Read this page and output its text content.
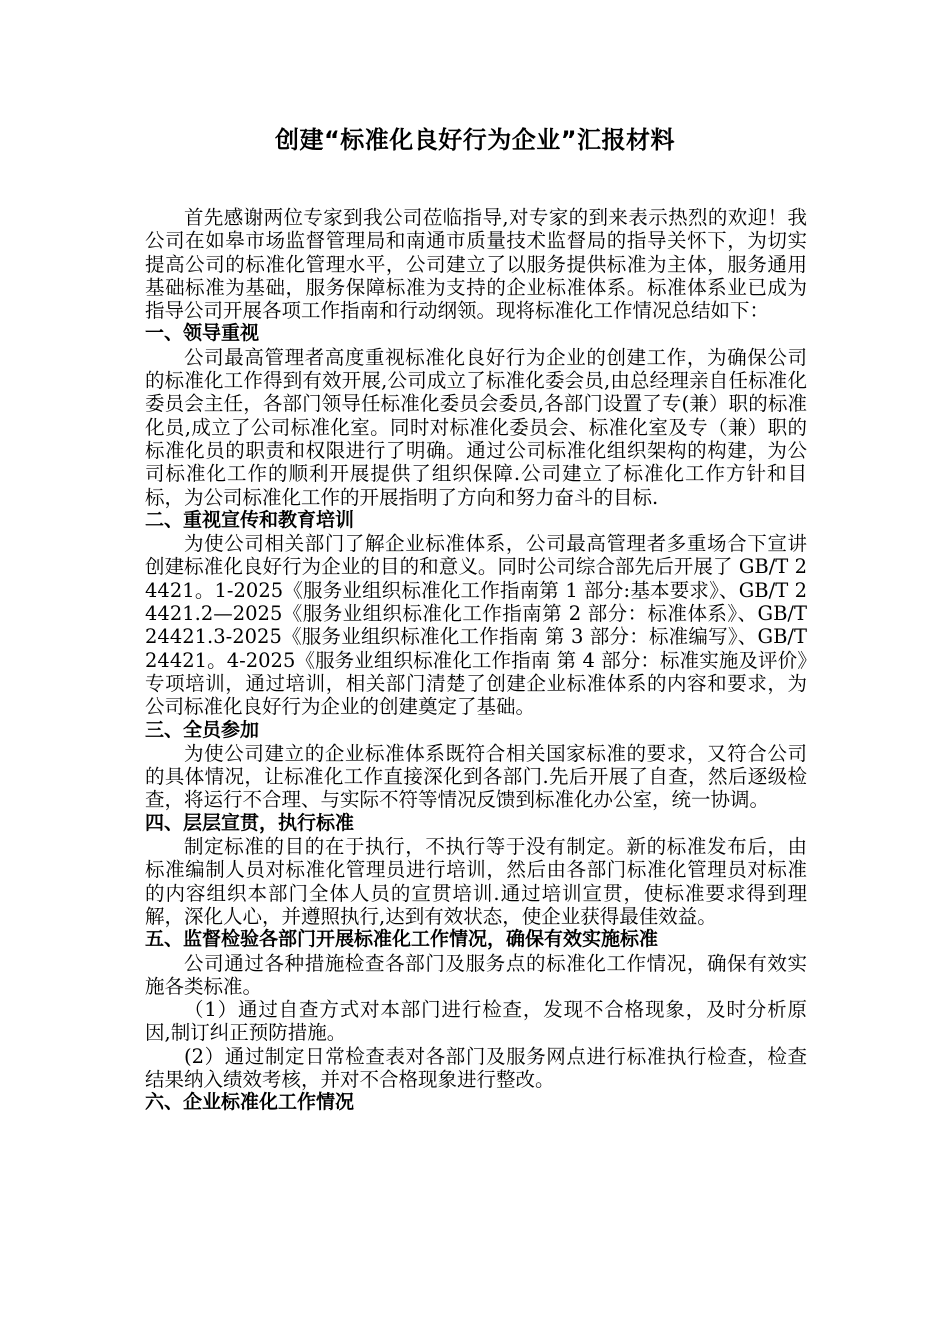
创建“标准化良好行为企业”汇报材料

首先感谢两位专家到我公司莅临指导,对专家的到来表示热烈的欢迎！我公司在如皋市场监督管理局和南通市质量技术监督局的指导关怀下，为切实提高公司的标准化管理水平，公司建立了以服务提供标准为主体，服务通用基础标准为基础，服务保障标准为支持的企业标准体系。标准体系业已成为指导公司开展各项工作指南和行动纲领。现将标准化工作情况总结如下：

一、领导重视

公司最高管理者高度重视标准化良好行为企业的创建工作，为确保公司的标准化工作得到有效开展,公司成立了标准化委会员,由总经理亲自任标准化委员会主任，各部门领导任标准化委员会委员,各部门设置了专(兼）职的标准化员,成立了公司标准化室。同时对标准化委员会、标准化室及专（兼）职的标准化员的职责和权限进行了明确。通过公司标准化组织架构的构建，为公司标准化工作的顺利开展提供了组织保障.公司建立了标准化工作方针和目标，为公司标准化工作的开展指明了方向和努力奋斗的目标.

二、重视宣传和教育培训

为使公司相关部门了解企业标准体系，公司最高管理者多重场合下宣讲创建标准化良好行为企业的目的和意义。同时公司综合部先后开展了 GB/T 24421。1-2025《服务业组织标准化工作指南第 1 部分:基本要求》、GB/T 24421.2—2025《服务业组织标准化工作指南第 2 部分：标准体系》、GB/T 24421.3-2025《服务业组织标准化工作指南 第 3 部分：标准编写》、GB/T 24421。4-2025《服务业组织标准化工作指南 第 4 部分：标准实施及评价》专项培训，通过培训，相关部门清楚了创建企业标准体系的内容和要求，为公司标准化良好行为企业的创建奠定了基础。

三、全员参加

为使公司建立的企业标准体系既符合相关国家标准的要求，又符合公司的具体情况，让标准化工作直接深化到各部门.先后开展了自查，然后逐级检查，将运行不合理、与实际不符等情况反馈到标准化办公室，统一协调。

四、层层宣贯，执行标准

制定标准的目的在于执行，不执行等于没有制定。新的标准发布后，由标准编制人员对标准化管理员进行培训，然后由各部门标准化管理员对标准的内容组织本部门全体人员的宣贯培训.通过培训宣贯，使标准要求得到理解，深化人心，并遵照执行,达到有效状态，使企业获得最佳效益。

五、监督检验各部门开展标准化工作情况，确保有效实施标准

公司通过各种措施检查各部门及服务点的标准化工作情况，确保有效实施各类标准。

（1）通过自查方式对本部门进行检查，发现不合格现象，及时分析原因,制订纠正预防措施。

(2）通过制定日常检查表对各部门及服务网点进行标准执行检查，检查结果纳入绩效考核，并对不合格现象进行整改。

六、企业标准化工作情况
